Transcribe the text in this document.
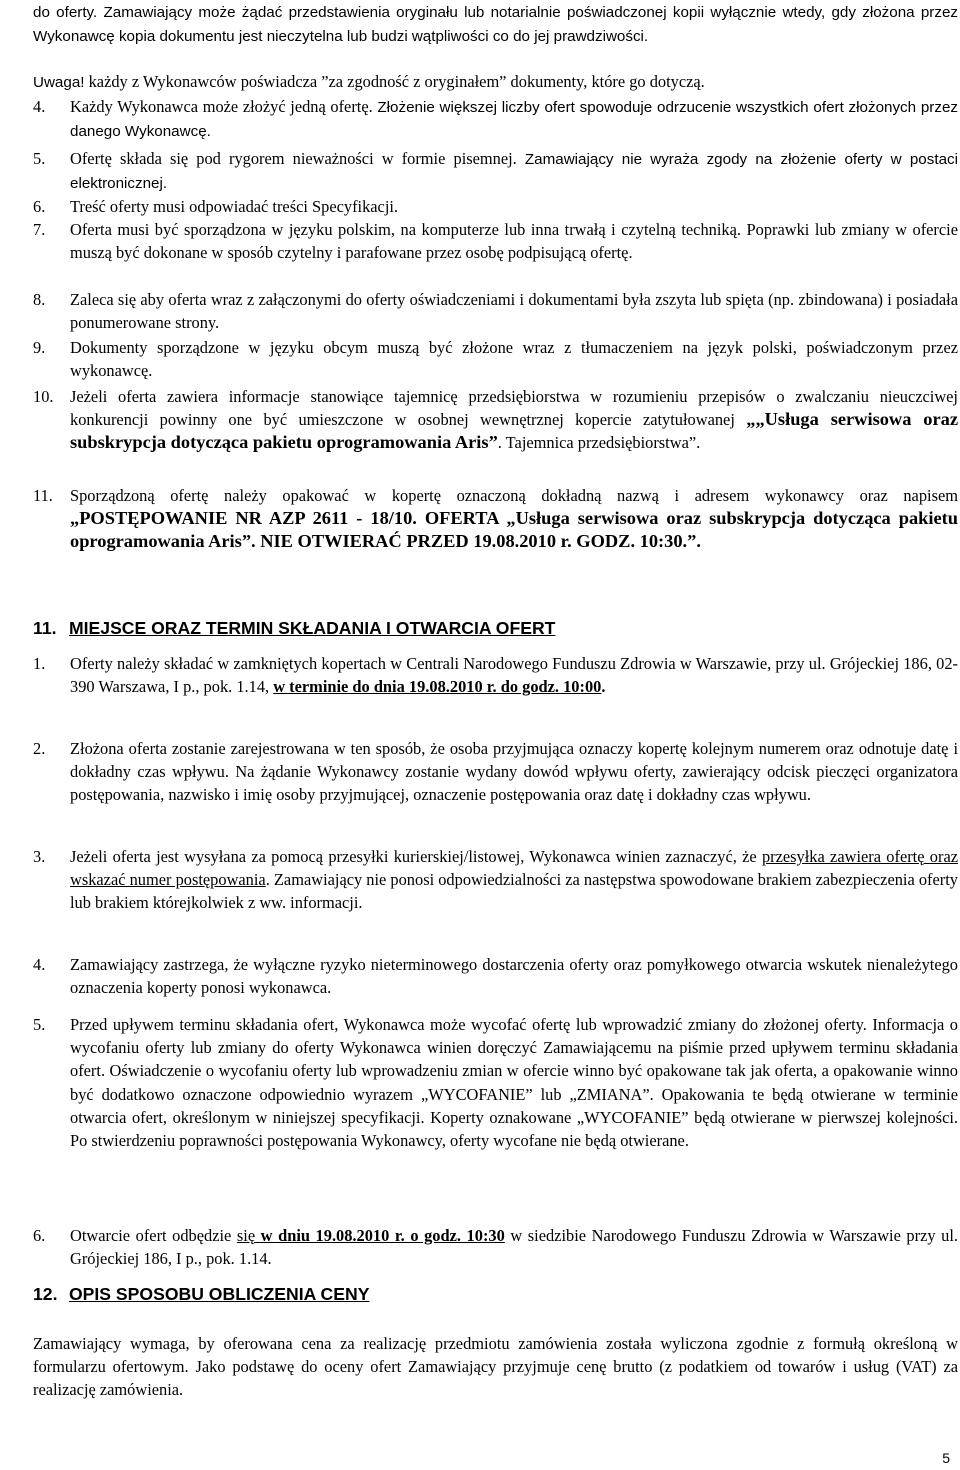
do oferty. Zamawiający może żądać przedstawienia oryginału lub notarialnie poświadczonej kopii wyłącznie wtedy, gdy złożona przez Wykonawcę kopia dokumentu jest nieczytelna lub budzi wątpliwości co do jej prawdziwości.
Uwaga! każdy z Wykonawców poświadcza ”za zgodność z oryginałem” dokumenty, które go dotyczą.
4. Każdy Wykonawca może złożyć jedną ofertę. Złożenie większej liczby ofert spowoduje odrzucenie wszystkich ofert złożonych przez danego Wykonawcę.
5. Ofertę składa się pod rygorem nieważności w formie pisemnej. Zamawiający nie wyraża zgody na złożenie oferty w postaci elektronicznej.
6. Treść oferty musi odpowiadać treści Specyfikacji.
7. Oferta musi być sporządzona w języku polskim, na komputerze lub inna trwałą i czytelną techniką. Poprawki lub zmiany w ofercie muszą być dokonane w sposób czytelny i parafowane przez osobę podpisującą ofertę.
8. Zaleca się aby oferta wraz z załączonymi do oferty oświadczeniami i dokumentami była zszyta lub spięta (np. zbindowana) i posiadała ponumerowane strony.
9. Dokumenty sporządzone w języku obcym muszą być złożone wraz z tłumaczeniem na język polski, poświadczonym przez wykonawcę.
10. Jeżeli oferta zawiera informacje stanowiące tajemnicę przedsiębiorstwa w rozumieniu przepisów o zwalczaniu nieuczciwej konkurencji powinny one być umieszczone w osobnej wewnętrznej kopercie zatytułowanej „„Usługa serwisowa oraz subskrypcja dotycząca pakietu oprogramowania Aris”. Tajemnica przedsiębiorstwa”.
11. Sporządzoną ofertę należy opakować w kopertę oznaczoną dokładną nazwą i adresem wykonawcy oraz napisem „POSTĘPOWANIE NR AZP 2611 - 18/10. OFERTA „Usługa serwisowa oraz subskrypcja dotycząca pakietu oprogramowania Aris”. NIE OTWIERAĆ PRZED 19.08.2010 r. GODZ. 10:30.”.
11. MIEJSCE ORAZ TERMIN SKŁADANIA I OTWARCIA OFERT
1. Oferty należy składać w zamkniętych kopertach w Centrali Narodowego Funduszu Zdrowia w Warszawie, przy ul. Grójeckiej 186, 02-390 Warszawa, I p., pok. 1.14, w terminie do dnia 19.08.2010 r. do godz. 10:00.
2. Złożona oferta zostanie zarejestrowana w ten sposób, że osoba przyjmująca oznaczy kopertę kolejnym numerem oraz odnotuje datę i dokładny czas wpływu. Na żądanie Wykonawcy zostanie wydany dowód wpływu oferty, zawierający odcisk pieczęci organizatora postępowania, nazwisko i imię osoby przyjmującej, oznaczenie postępowania oraz datę i dokładny czas wpływu.
3. Jeżeli oferta jest wysyłana za pomocą przesyłki kurierskiej/listowej, Wykonawca winien zaznaczyć, że przesyłka zawiera ofertę oraz wskazać numer postępowania. Zamawiający nie ponosi odpowiedzialności za następstwa spowodowane brakiem zabezpieczenia oferty lub brakiem którejkolwiek z ww. informacji.
4. Zamawiający zastrzega, że wyłączne ryzyko nieterminowego dostarczenia oferty oraz pomyłkowego otwarcia wskutek nienależytego oznaczenia koperty ponosi wykonawca.
5. Przed upływem terminu składania ofert, Wykonawca może wycofać ofertę lub wprowadzić zmiany do złożonej oferty. Informacja o wycofaniu oferty lub zmiany do oferty Wykonawca winien doręczyć Zamawiającemu na piśmie przed upływem terminu składania ofert. Oświadczenie o wycofaniu oferty lub wprowadzeniu zmian w ofercie winno być opakowane tak jak oferta, a opakowanie winno być dodatkowo oznaczone odpowiednio wyrazem „WYCOFANIE” lub „ZMIANA”. Opakowania te będą otwierane w terminie otwarcia ofert, określonym w niniejszej specyfikacji. Koperty oznakowane „WYCOFANIE” będą otwierane w pierwszej kolejności. Po stwierdzeniu poprawności postępowania Wykonawcy, oferty wycofane nie będą otwierane.
6. Otwarcie ofert odbędzie się w dniu 19.08.2010 r. o godz. 10:30 w siedzibie Narodowego Funduszu Zdrowia w Warszawie przy ul. Grójeckiej 186, I p., pok. 1.14.
12. OPIS SPOSOBU OBLICZENIA CENY
Zamawiający wymaga, by oferowana cena za realizację przedmiotu zamówienia została wyliczona zgodnie z formułą określoną w formularzu ofertowym. Jako podstawę do oceny ofert Zamawiający przyjmuje cenę brutto (z podatkiem od towarów i usług (VAT) za realizację zamówienia.
5
